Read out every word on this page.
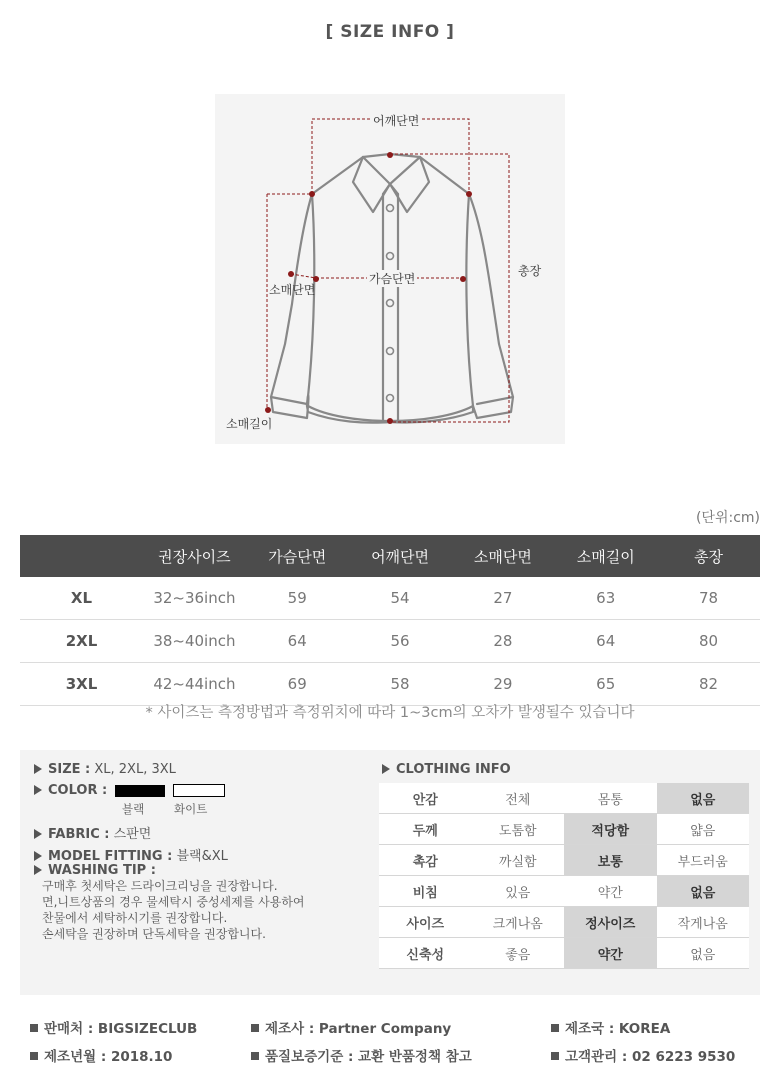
[ SIZE INFO ]
어깨단면
총장
가슴단면
소매단면
소매길이
(단위:cm)
	권장사이즈	가슴단면	어깨단면	소매단면	소매길이	총장
XL	32~36inch	59	54	27	63	78
2XL	38~40inch	64	56	28	64	80
3XL	42~44inch	69	58	29	65	82
* 사이즈는 측정방법과 측정위치에 따라 1~3cm의 오차가 발생될수 있습니다
SIZE : XL, 2XL, 3XL
COLOR :
블랙	화이트
FABRIC : 스판면
MODEL FITTING : 블랙&XL
WASHING TIP :
구매후 첫세탁은 드라이크리닝을 권장합니다.
면,니트상품의 경우 물세탁시 중성세제를 사용하여
찬물에서 세탁하시기를 권장합니다.
손세탁을 권장하며 단독세탁을 권장합니다.
CLOTHING INFO
안감	전체	몸통	없음
두께	도톰함	적당함	얇음
촉감	까실함	보통	부드러움
비침	있음	약간	없음
사이즈	크게나옴	정사이즈	작게나옴
신축성	좋음	약간	없음
판매처 : BIGSIZECLUB	제조사 : Partner Company	제조국 : KOREA
제조년월 : 2018.10	품질보증기준 : 교환 반품정책 참고	고객관리 : 02 6223 9530
